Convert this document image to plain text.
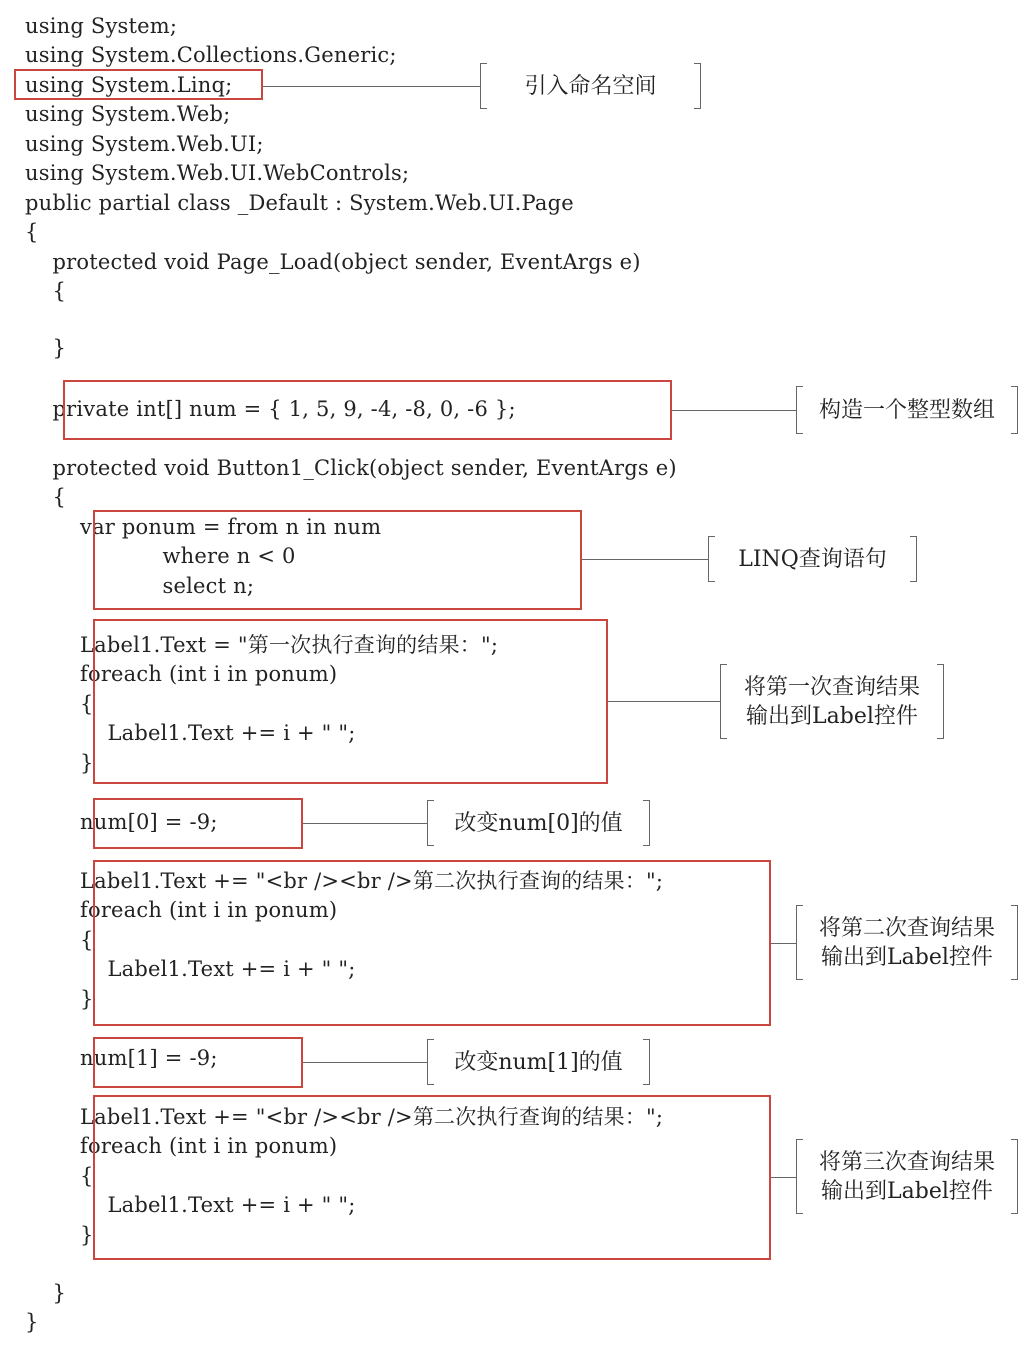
using System;
using System.Collections.Generic;
using System.Linq;
using System.Web;
using System.Web.UI;
using System.Web.UI.WebControls;
public partial class _Default : System.Web.UI.Page
{
protected void Page_Load(object sender, EventArgs e)
{
}
private int[] num = { 1, 5, 9, -4, -8, 0, -6 };
protected void Button1_Click(object sender, EventArgs e)
{
var ponum = from n in num
where n < 0
select n;
Label1.Text = "第一次执行查询的结果：";
foreach (int i in ponum)
{
Label1.Text += i + " ";
}
num[0] = -9;
Label1.Text += "<br /><br />第二次执行查询的结果：";
foreach (int i in ponum)
{
Label1.Text += i + " ";
}
num[1] = -9;
Label1.Text += "<br /><br />第二次执行查询的结果：";
foreach (int i in ponum)
{
Label1.Text += i + " ";
}
}
}
引入命名空间
构造一个整型数组
LINQ查询语句
将第一次查询结果
输出到Label控件
改变num[0]的值
将第二次查询结果
输出到Label控件
改变num[1]的值
将第三次查询结果
输出到Label控件
